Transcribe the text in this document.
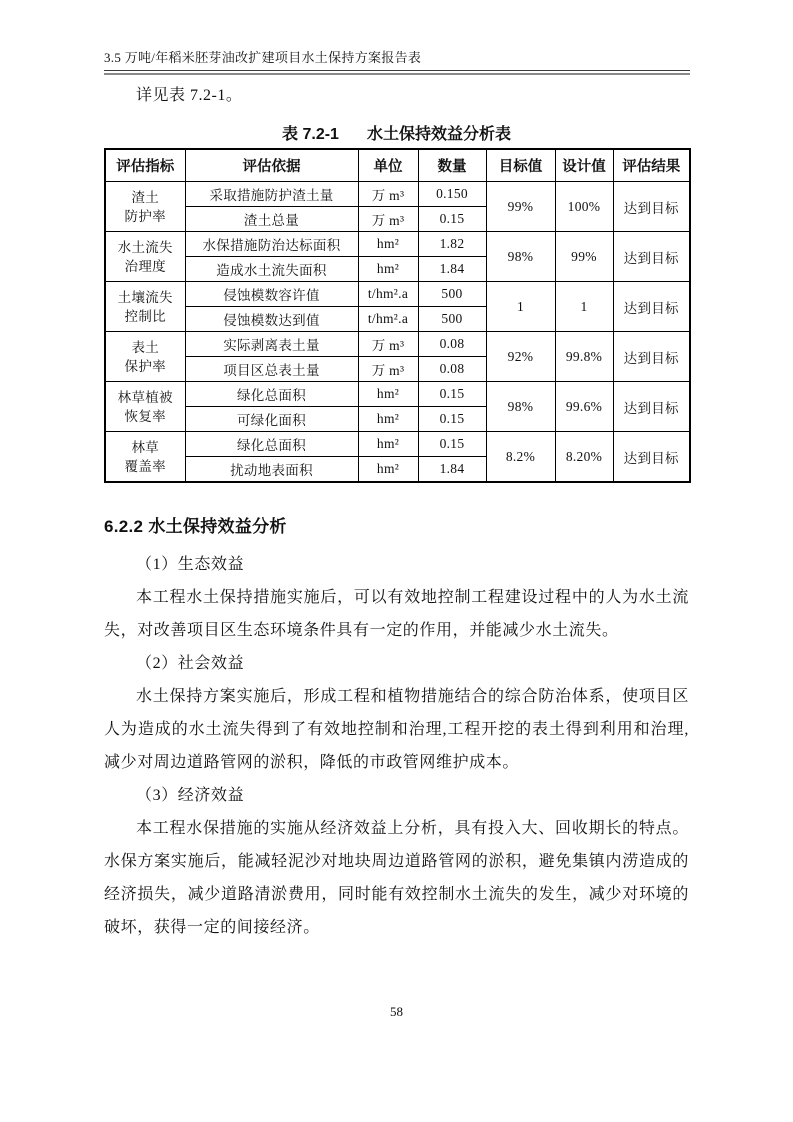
3.5 万吨/年稻米胚芽油改扩建项目水土保持方案报告表

详见表 7.2-1。

表 7.2-1 水土保持效益分析表
评估指标	评估依据	单位	数量	目标值	设计值	评估结果

渣土
防护率	采取措施防护渣土量	万 m³	0.150	99%	100%	达到目标
	渣土总量	万 m³	0.15			

水土流失
治理度	水保措施防治达标面积	hm²	1.82	98%	99%	达到目标
	造成水土流失面积	hm²	1.84			

土壤流失
控制比	侵蚀模数容许值	t/hm².a	500	1	1	达到目标
	侵蚀模数达到值	t/hm².a	500			

表土
保护率	实际剥离表土量	万 m³	0.08	92%	99.8%	达到目标
	项目区总表土量	万 m³	0.08			

林草植被
恢复率	绿化总面积	hm²	0.15	98%	99.6%	达到目标
	可绿化面积	hm²	0.15			

林草
覆盖率	绿化总面积	hm²	0.15	8.2%	8.20%	达到目标
	扰动地表面积	hm²	1.84			
6.2.2 水土保持效益分析

（1）生态效益

本工程水土保持措施实施后，可以有效地控制工程建设过程中的人为水土流失，对改善项目区生态环境条件具有一定的作用，并能减少水土流失。

（2）社会效益

水土保持方案实施后，形成工程和植物措施结合的综合防治体系，使项目区人为造成的水土流失得到了有效地控制和治理,工程开挖的表土得到利用和治理,减少对周边道路管网的淤积，降低的市政管网维护成本。

（3）经济效益

本工程水保措施的实施从经济效益上分析，具有投入大、回收期长的特点。水保方案实施后，能减轻泥沙对地块周边道路管网的淤积，避免集镇内涝造成的经济损失，减少道路清淤费用，同时能有效控制水土流失的发生，减少对环境的破坏，获得一定的间接经济。

58
